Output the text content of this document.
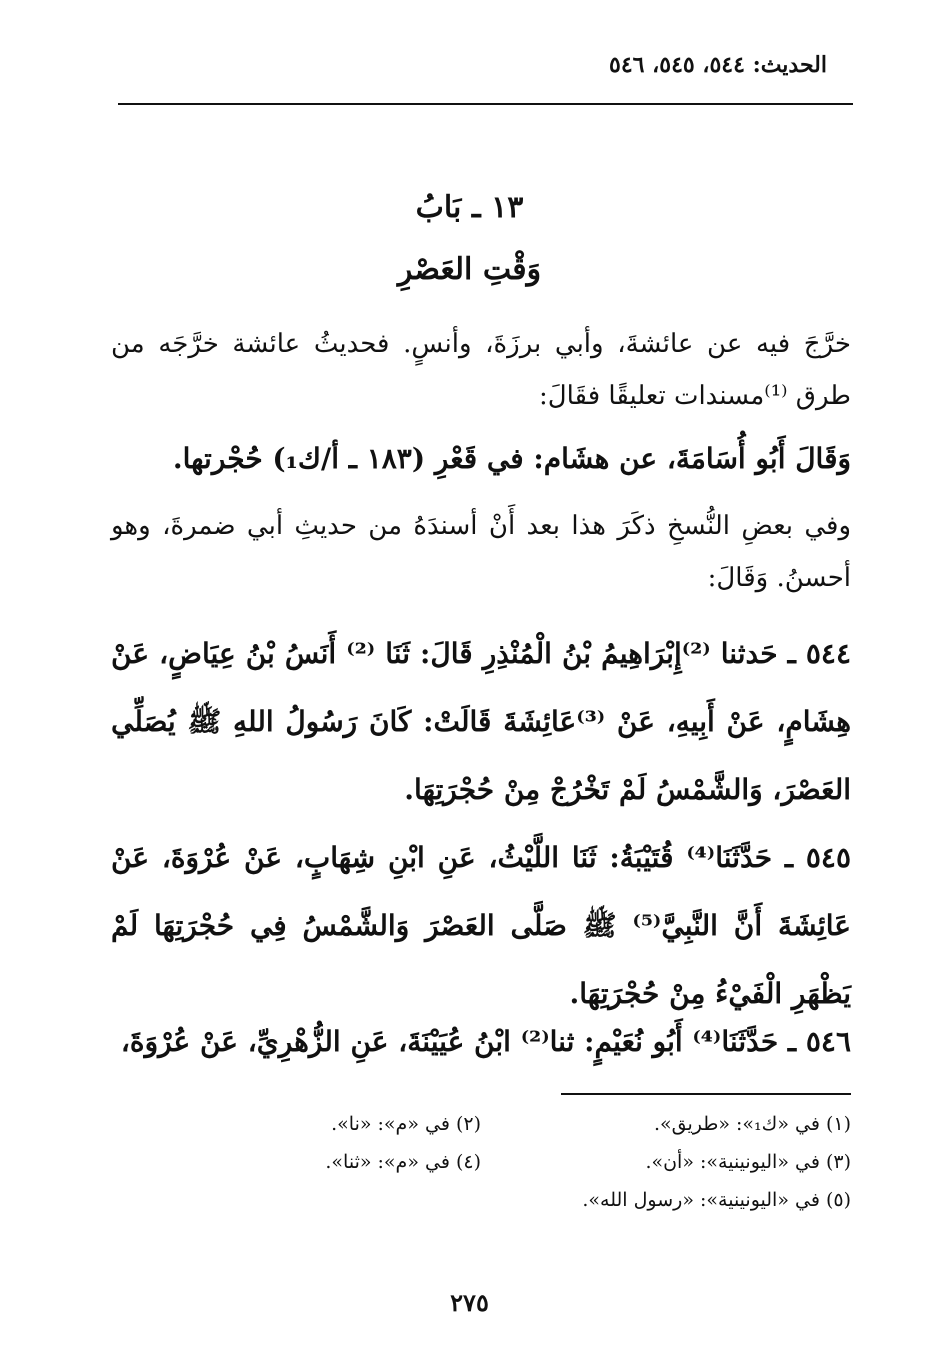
الحديث: ٥٤٤، ٥٤٥، ٥٤٦
١٣ ـ بَابُ
وَقْتِ العَصْرِ
خرَّجَ فيه عن عائشةَ، وأبي برزَةَ، وأنسٍ. فحديثُ عائشة خرَّجَه من طرق ⁽¹⁾مسندات تعليقًا فقَالَ:
وَقَالَ أَبُو أُسَامَةَ، عن هشَام: في قَعْرِ (١٨٣ ـ أ/ك₁) حُجْرتها.
وفي بعضِ النُّسخِ ذكَرَ هذا بعد أَنْ أسندَهُ من حديثِ أبي ضمرةَ، وهو أحسنُ. وَقَالَ:
٥٤٤ ـ حَدثنا ⁽²⁾إِبْرَاهِيمُ بْنُ الْمُنْذِرِ قَالَ: ثَنَا ⁽²⁾ أَنَسُ بْنُ عِيَاضٍ، عَنْ هِشَامٍ، عَنْ أَبِيهِ، عَنْ ⁽³⁾عَائِشَةَ قَالَتْ: كَانَ رَسُولُ اللهِ ﷺ يُصَلِّي العَصْرَ، وَالشَّمْسُ لَمْ تَخْرُجْ مِنْ حُجْرَتِهَا.
٥٤٥ ـ حَدَّثَنَا⁽⁴⁾ قُتَيْبَةُ: ثَنَا اللَّيْثُ، عَنِ ابْنِ شِهَابٍ، عَنْ عُرْوَةَ، عَنْ عَائِشَةَ أَنَّ النَّبِيَّ⁽⁵⁾ ﷺ صَلَّى العَصْرَ وَالشَّمْسُ فِي حُجْرَتِهَا لَمْ يَظْهَرِ الْفَيْءُ مِنْ حُجْرَتِهَا.
٥٤٦ ـ حَدَّثَنَا⁽⁴⁾ أَبُو نُعَيْمٍ: ثنا⁽²⁾ ابْنُ عُيَيْنَةَ، عَنِ الزُّهْرِيِّ، عَنْ عُرْوَةَ،
(١) في «ك₁»: «طريق».
(٢) في «م»: «نا».
(٣) في «اليونينية»: «أن».
(٤) في «م»: «ثنا».
(٥) في «اليونينية»: «رسول الله».
٢٧٥
